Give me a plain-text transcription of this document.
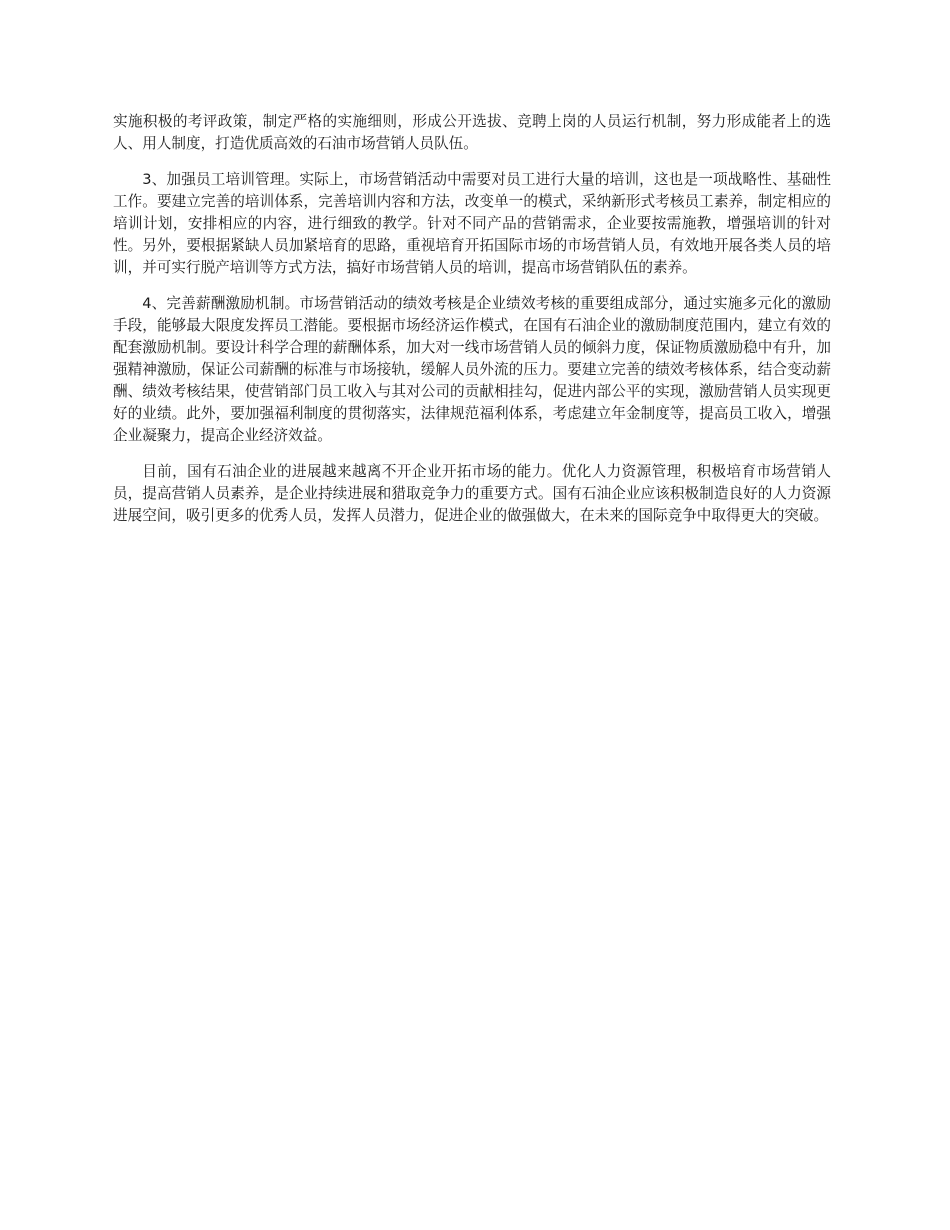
实施积极的考评政策，制定严格的实施细则，形成公开选拔、竞聘上岗的人员运行机制，努力形成能者上的选人、用人制度，打造优质高效的石油市场营销人员队伍。

3、加强员工培训管理。实际上，市场营销活动中需要对员工进行大量的培训，这也是一项战略性、基础性工作。要建立完善的培训体系，完善培训内容和方法，改变单一的模式，采纳新形式考核员工素养，制定相应的培训计划，安排相应的内容，进行细致的教学。针对不同产品的营销需求，企业要按需施教，增强培训的针对性。另外，要根据紧缺人员加紧培育的思路，重视培育开拓国际市场的市场营销人员，有效地开展各类人员的培训，并可实行脱产培训等方式方法，搞好市场营销人员的培训，提高市场营销队伍的素养。

4、完善薪酬激励机制。市场营销活动的绩效考核是企业绩效考核的重要组成部分，通过实施多元化的激励手段，能够最大限度发挥员工潜能。要根据市场经济运作模式，在国有石油企业的激励制度范围内，建立有效的配套激励机制。要设计科学合理的薪酬体系，加大对一线市场营销人员的倾斜力度，保证物质激励稳中有升，加强精神激励，保证公司薪酬的标准与市场接轨，缓解人员外流的压力。要建立完善的绩效考核体系，结合变动薪酬、绩效考核结果，使营销部门员工收入与其对公司的贡献相挂勾，促进内部公平的实现，激励营销人员实现更好的业绩。此外，要加强福利制度的贯彻落实，法律规范福利体系，考虑建立年金制度等，提高员工收入，增强企业凝聚力，提高企业经济效益。

目前，国有石油企业的进展越来越离不开企业开拓市场的能力。优化人力资源管理，积极培育市场营销人员，提高营销人员素养，是企业持续进展和猎取竞争力的重要方式。国有石油企业应该积极制造良好的人力资源进展空间，吸引更多的优秀人员，发挥人员潜力，促进企业的做强做大，在未来的国际竞争中取得更大的突破。
